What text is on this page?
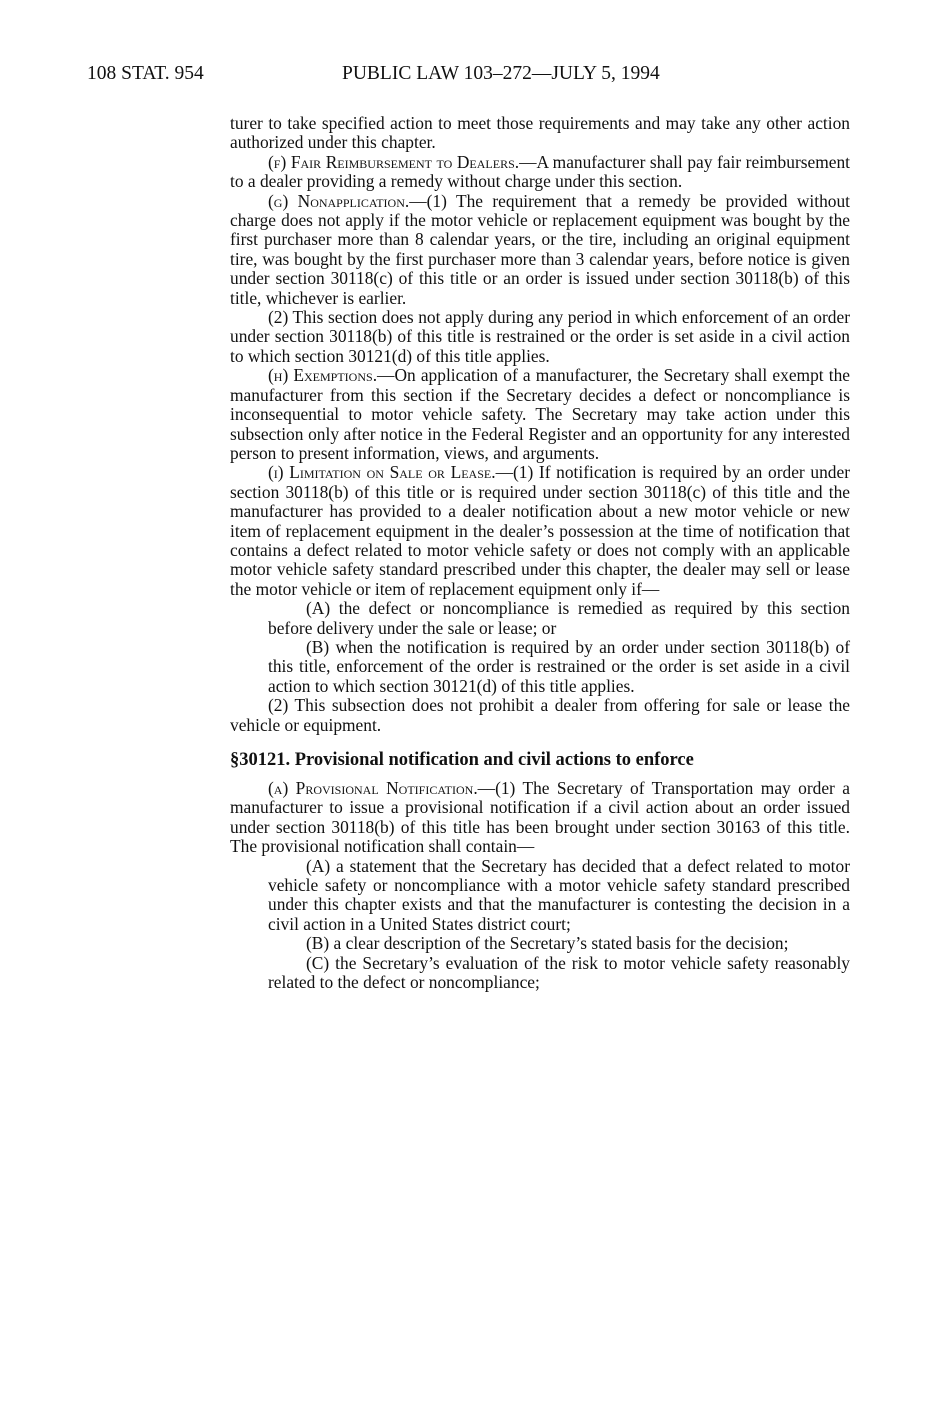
108 STAT. 954	PUBLIC LAW 103–272—JULY 5, 1994

turer to take specified action to meet those requirements and may take any other action authorized under this chapter.

(f) Fair Reimbursement to Dealers.—A manufacturer shall pay fair reimbursement to a dealer providing a remedy without charge under this section.

(g) Nonapplication.—(1) The requirement that a remedy be provided without charge does not apply if the motor vehicle or replacement equipment was bought by the first purchaser more than 8 calendar years, or the tire, including an original equipment tire, was bought by the first purchaser more than 3 calendar years, before notice is given under section 30118(c) of this title or an order is issued under section 30118(b) of this title, whichever is earlier.

(2) This section does not apply during any period in which enforcement of an order under section 30118(b) of this title is restrained or the order is set aside in a civil action to which section 30121(d) of this title applies.

(h) Exemptions.—On application of a manufacturer, the Secretary shall exempt the manufacturer from this section if the Secretary decides a defect or noncompliance is inconsequential to motor vehicle safety. The Secretary may take action under this subsection only after notice in the Federal Register and an opportunity for any interested person to present information, views, and arguments.

(i) Limitation on Sale or Lease.—(1) If notification is required by an order under section 30118(b) of this title or is required under section 30118(c) of this title and the manufacturer has provided to a dealer notification about a new motor vehicle or new item of replacement equipment in the dealer’s possession at the time of notification that contains a defect related to motor vehicle safety or does not comply with an applicable motor vehicle safety standard prescribed under this chapter, the dealer may sell or lease the motor vehicle or item of replacement equipment only if—

(A) the defect or noncompliance is remedied as required by this section before delivery under the sale or lease; or

(B) when the notification is required by an order under section 30118(b) of this title, enforcement of the order is restrained or the order is set aside in a civil action to which section 30121(d) of this title applies.

(2) This subsection does not prohibit a dealer from offering for sale or lease the vehicle or equipment.

§30121. Provisional notification and civil actions to enforce

(a) Provisional Notification.—(1) The Secretary of Transportation may order a manufacturer to issue a provisional notification if a civil action about an order issued under section 30118(b) of this title has been brought under section 30163 of this title. The provisional notification shall contain—

(A) a statement that the Secretary has decided that a defect related to motor vehicle safety or noncompliance with a motor vehicle safety standard prescribed under this chapter exists and that the manufacturer is contesting the decision in a civil action in a United States district court;

(B) a clear description of the Secretary’s stated basis for the decision;

(C) the Secretary’s evaluation of the risk to motor vehicle safety reasonably related to the defect or noncompliance;
